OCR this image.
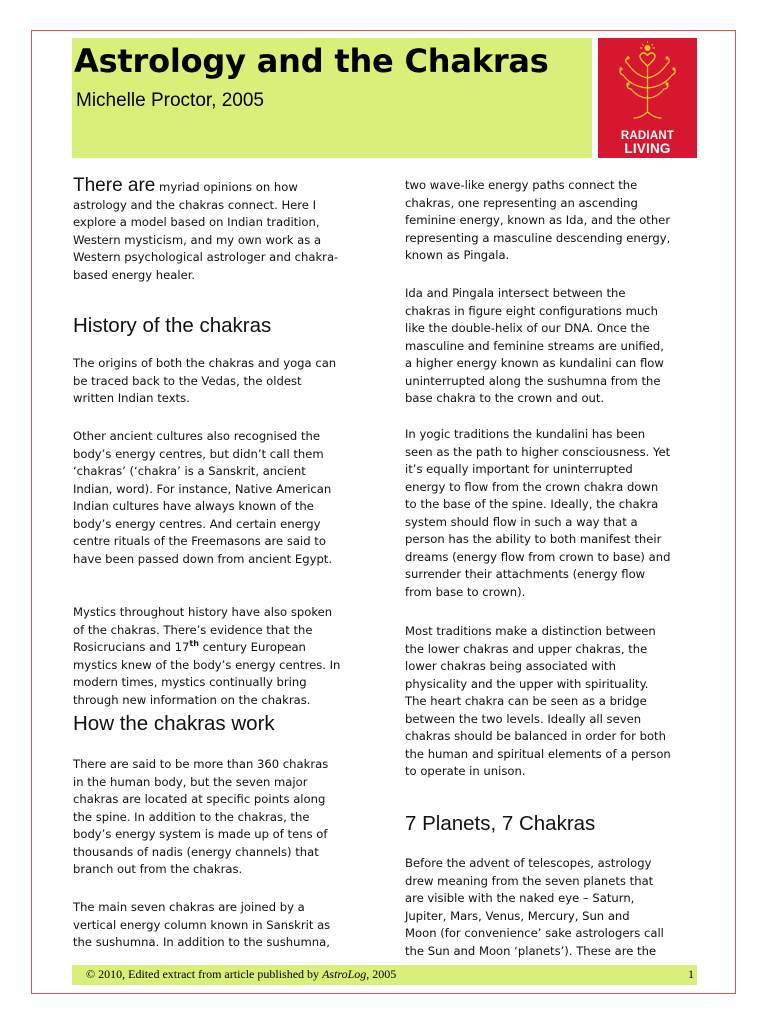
Astrology and the Chakras
Michelle Proctor, 2005
RADIANT
LIVING
There are myriad opinions on how
astrology and the chakras connect. Here I
explore a model based on Indian tradition,
Western mysticism, and my own work as a
Western psychological astrologer and chakra-
based energy healer.
History of the chakras
The origins of both the chakras and yoga can
be traced back to the Vedas, the oldest
written Indian texts.
Other ancient cultures also recognised the
body’s energy centres, but didn’t call them
‘chakras’ (‘chakra’ is a Sanskrit, ancient
Indian, word). For instance, Native American
Indian cultures have always known of the
body’s energy centres. And certain energy
centre rituals of the Freemasons are said to
have been passed down from ancient Egypt.
Mystics throughout history have also spoken
of the chakras. There’s evidence that the
Rosicrucians and 17th century European
mystics knew of the body’s energy centres. In
modern times, mystics continually bring
through new information on the chakras.
How the chakras work
There are said to be more than 360 chakras
in the human body, but the seven major
chakras are located at specific points along
the spine. In addition to the chakras, the
body’s energy system is made up of tens of
thousands of nadis (energy channels) that
branch out from the chakras.
The main seven chakras are joined by a
vertical energy column known in Sanskrit as
the sushumna. In addition to the sushumna,
two wave-like energy paths connect the
chakras, one representing an ascending
feminine energy, known as Ida, and the other
representing a masculine descending energy,
known as Pingala.
Ida and Pingala intersect between the
chakras in figure eight configurations much
like the double-helix of our DNA. Once the
masculine and feminine streams are unified,
a higher energy known as kundalini can flow
uninterrupted along the sushumna from the
base chakra to the crown and out.
In yogic traditions the kundalini has been
seen as the path to higher consciousness. Yet
it’s equally important for uninterrupted
energy to flow from the crown chakra down
to the base of the spine. Ideally, the chakra
system should flow in such a way that a
person has the ability to both manifest their
dreams (energy flow from crown to base) and
surrender their attachments (energy flow
from base to crown).
Most traditions make a distinction between
the lower chakras and upper chakras, the
lower chakras being associated with
physicality and the upper with spirituality.
The heart chakra can be seen as a bridge
between the two levels. Ideally all seven
chakras should be balanced in order for both
the human and spiritual elements of a person
to operate in unison.
7 Planets, 7 Chakras
Before the advent of telescopes, astrology
drew meaning from the seven planets that
are visible with the naked eye – Saturn,
Jupiter, Mars, Venus, Mercury, Sun and
Moon (for convenience’ sake astrologers call
the Sun and Moon ‘planets’). These are the
© 2010, Edited extract from article published by AstroLog, 2005	1
